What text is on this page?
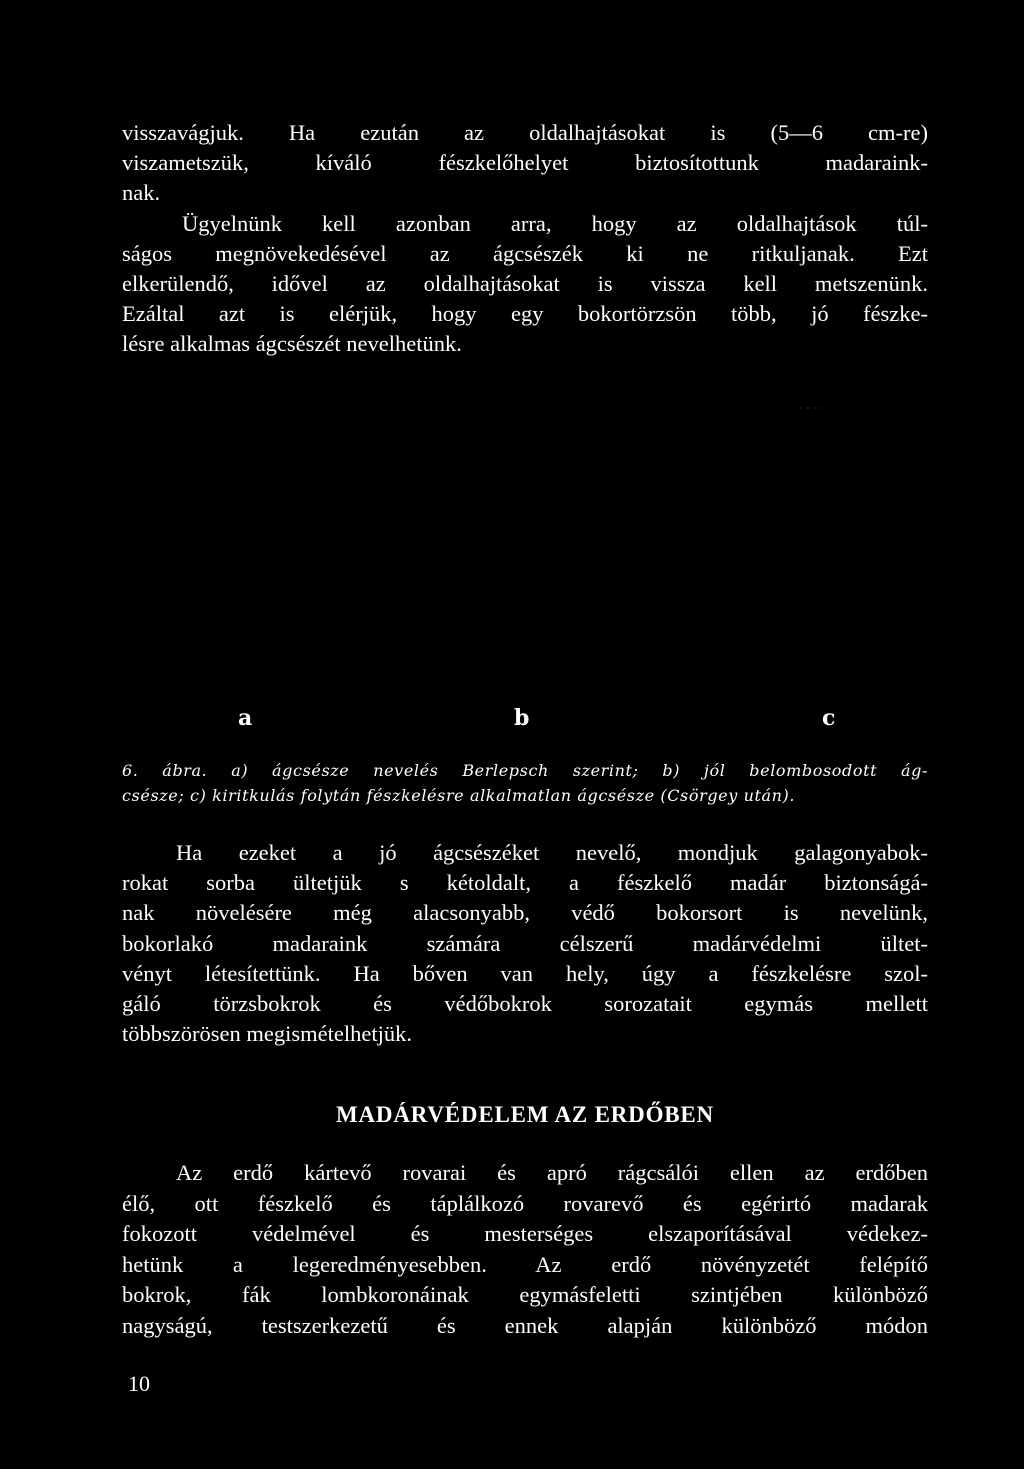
visszavágjuk. Ha ezután az oldalhajtásokat is (5—6 cm-re)
viszametszük, kíváló fészkelőhelyet biztosítottunk madaraink-
nak.
Ügyelnünk kell azonban arra, hogy az oldalhajtások túl-
ságos megnövekedésével az ágcsészék ki ne ritkuljanak. Ezt
elkerülendő, idővel az oldalhajtásokat is vissza kell metszenünk.
Ezáltal azt is elérjük, hogy egy bokortörzsön több, jó fészke-
lésre alkalmas ágcsészét nevelhetünk.
· · · ·
a	b	c
6. ábra. a) ágcsésze nevelés Berlepsch szerint; b) jól belombosodott ág-
csésze; c) kiritkulás folytán fészkelésre alkalmatlan ágcsésze (Csörgey után).
Ha ezeket a jó ágcsészéket nevelő, mondjuk galagonyabok-
rokat sorba ültetjük s kétoldalt, a fészkelő madár biztonságá-
nak növelésére még alacsonyabb, védő bokorsort is nevelünk,
bokorlakó madaraink számára célszerű madárvédelmi ültet-
vényt létesítettünk. Ha bőven van hely, úgy a fészkelésre szol-
gáló törzsbokrok és védőbokrok sorozatait egymás mellett
többszörösen megismételhetjük.
MADÁRVÉDELEM AZ ERDŐBEN
Az erdő kártevő rovarai és apró rágcsálói ellen az erdőben
élő, ott fészkelő és táplálkozó rovarevő és egérirtó madarak
fokozott védelmével és mesterséges elszaporításával védekez-
hetünk a legeredményesebben. Az erdő növényzetét felépítő
bokrok, fák lombkoronáinak egymásfeletti szintjében különböző
nagyságú, testszerkezetű és ennek alapján különböző módon
10
